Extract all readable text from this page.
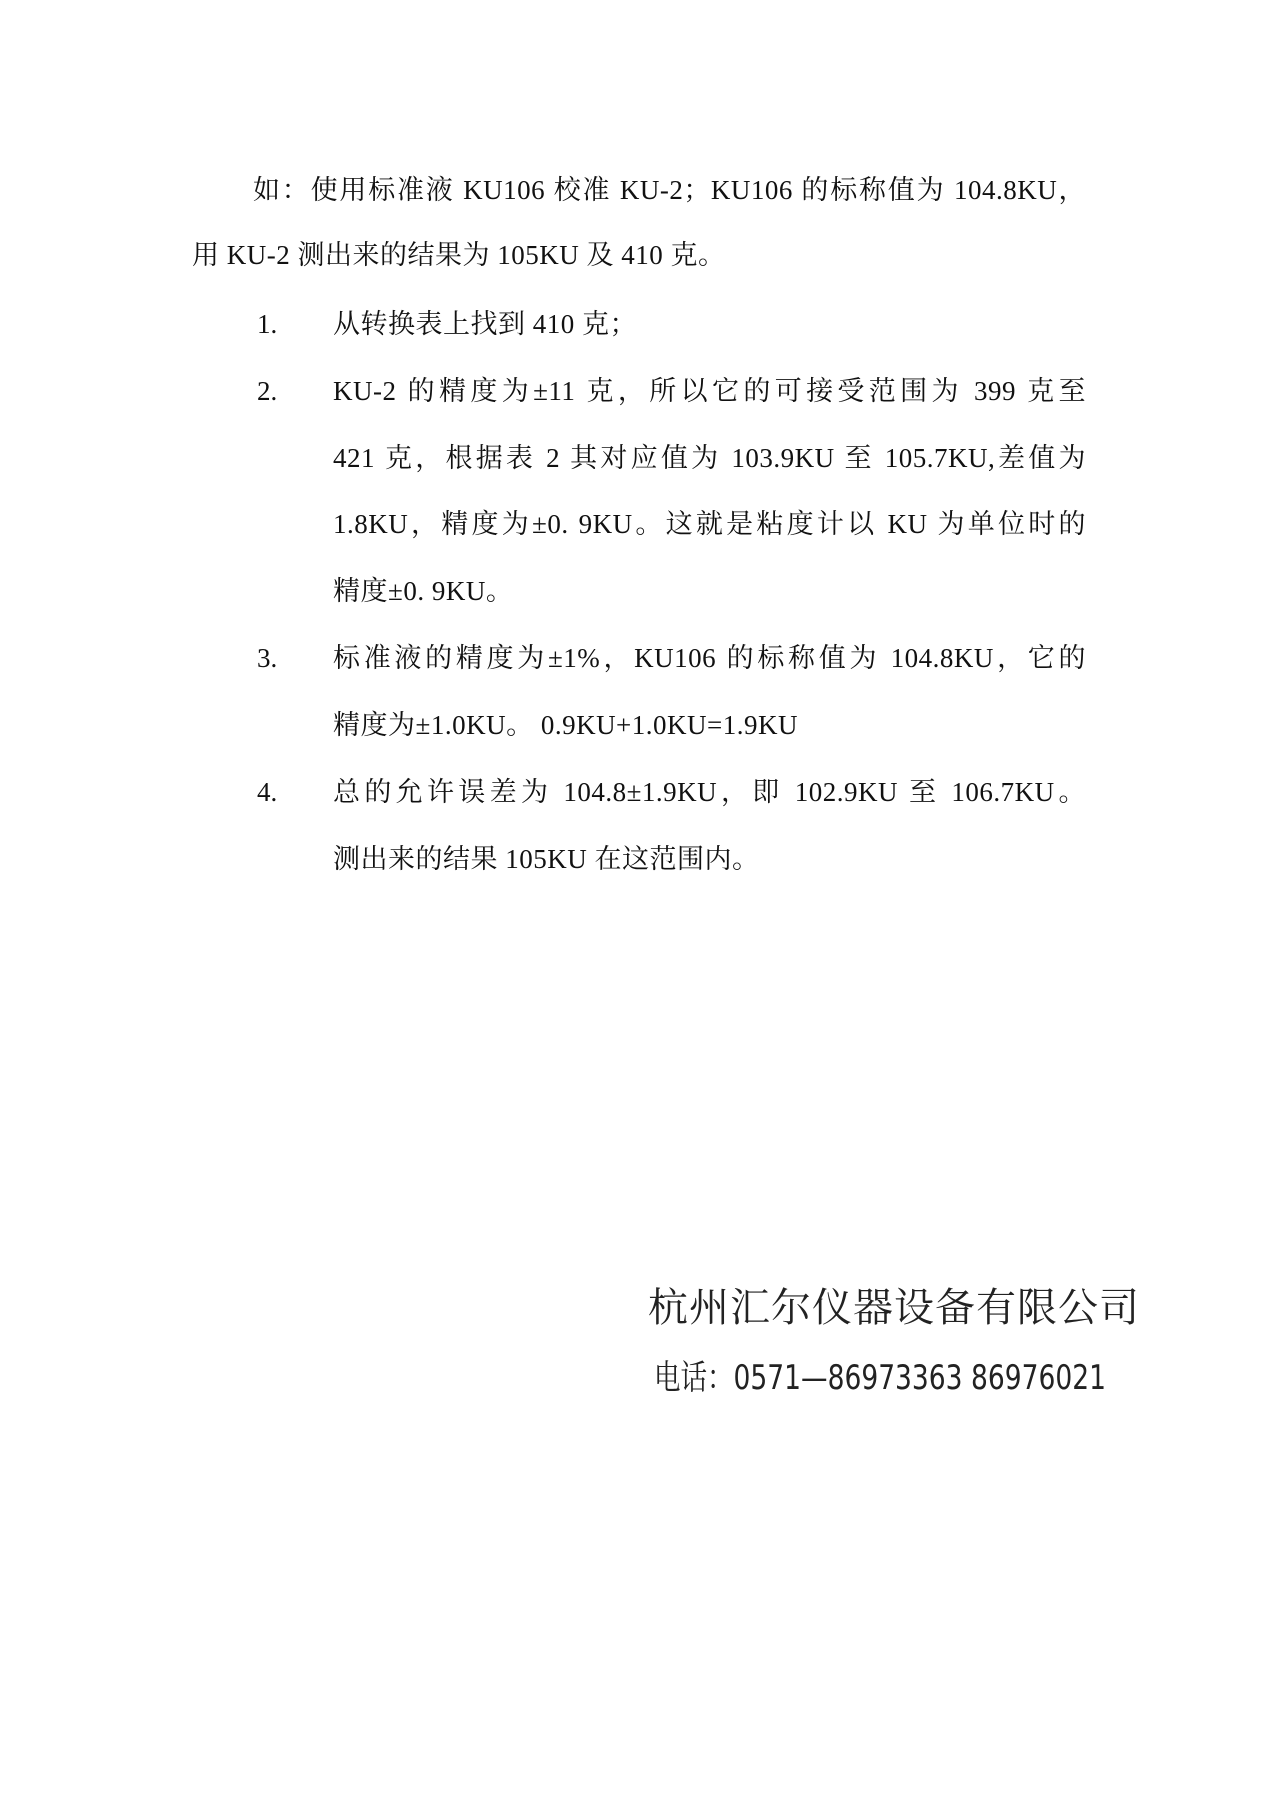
如：使用标准液 KU106 校准 KU-2；KU106 的标称值为 104.8KU，
用 KU-2 测出来的结果为 105KU 及 410 克。
1. 从转换表上找到 410 克；
2. KU-2 的精度为±11 克，所以它的可接受范围为 399 克至
421 克，根据表 2 其对应值为 103.9KU 至 105.7KU,差值为
1.8KU，精度为±0. 9KU。这就是粘度计以 KU 为单位时的
精度±0. 9KU。
3. 标准液的精度为±1%，KU106 的标称值为 104.8KU，它的
精度为±1.0KU。 0.9KU+1.0KU=1.9KU
4. 总的允许误差为 104.8±1.9KU，即 102.9KU 至 106.7KU。
测出来的结果 105KU 在这范围内。
杭州汇尔仪器设备有限公司
电话：0571—86973363 86976021
